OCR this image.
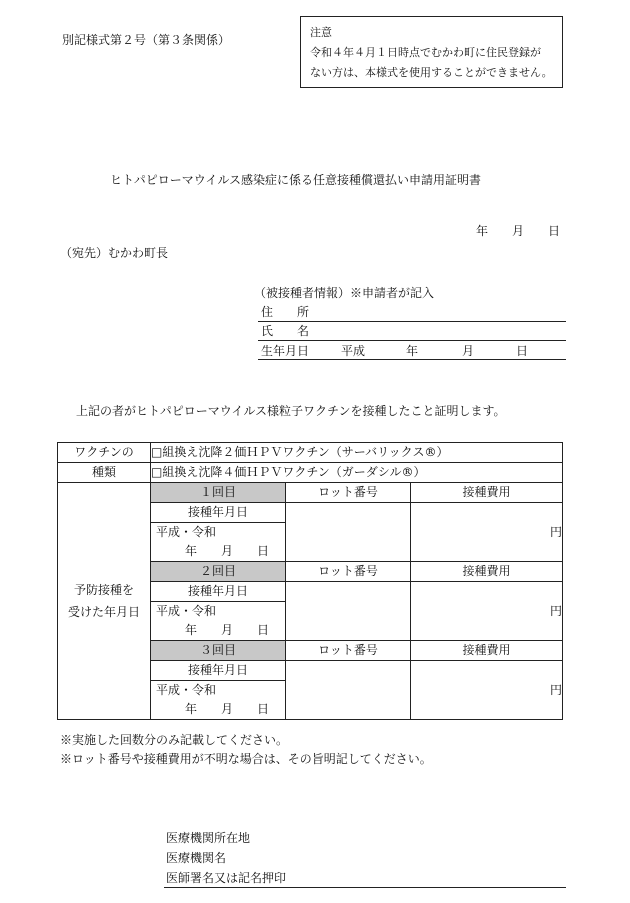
別記様式第２号（第３条関係）
注意
令和４年４月１日時点でむかわ町に住民登録が
ない方は、本様式を使用することができません。
ヒトパピローマウイルス感染症に係る任意接種償還払い申請用証明書
年　　月　　日
（宛先）むかわ町長
（被接種者情報）※申請者が記入
住　　所
氏　　名
生年月日	平成	年	月	日
上記の者がヒトパピローマウイルス様粒子ワクチンを接種したこと証明します。
ワクチンの	□組換え沈降２価ＨＰＶワクチン（サーバリックス®）		
種類	□組換え沈降４価ＨＰＶワクチン（ガーダシル®）		

予防接種を
受けた年月日	１回目	ロット番号	接種費用
	接種年月日		円
	平成・令和		
	年　　月　　日		
	２回目	ロット番号	接種費用
	接種年月日		円
	平成・令和		
	年　　月　　日		
	３回目	ロット番号	接種費用
	接種年月日		円
	平成・令和		
	年　　月　　日		
※実施した回数分のみ記載してください。
※ロット番号や接種費用が不明な場合は、その旨明記してください。
医療機関所在地
医療機関名
医師署名又は記名押印
